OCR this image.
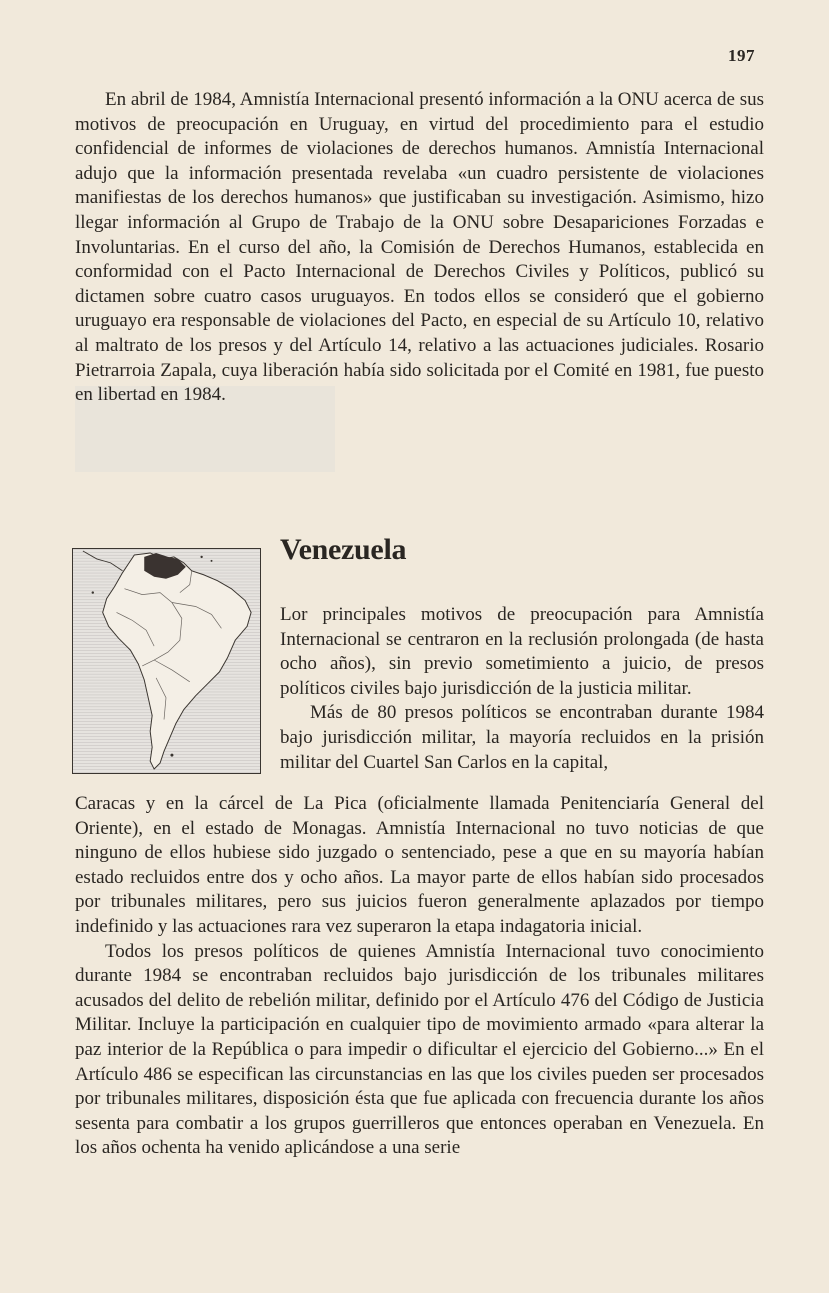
197

En abril de 1984, Amnistía Internacional presentó información a la ONU acerca de sus motivos de preocupación en Uruguay, en virtud del procedimiento para el estudio confidencial de informes de violaciones de derechos humanos. Amnistía Internacional adujo que la información presentada revelaba «un cuadro persistente de violaciones manifiestas de los derechos humanos» que justificaban su investigación. Asimismo, hizo llegar información al Grupo de Trabajo de la ONU sobre Desapariciones Forzadas e Involuntarias. En el curso del año, la Comisión de Derechos Humanos, establecida en conformidad con el Pacto Internacional de Derechos Civiles y Políticos, publicó su dictamen sobre cuatro casos uruguayos. En todos ellos se consideró que el gobierno uruguayo era responsable de violaciones del Pacto, en especial de su Artículo 10, relativo al maltrato de los presos y del Artículo 14, relativo a las actuaciones judiciales. Rosario Pietrarroia Zapala, cuya liberación había sido solicitada por el Comité en 1981, fue puesto en libertad en 1984.

Venezuela

Lor principales motivos de preocupación para Amnistía Internacional se centraron en la reclusión prolongada (de hasta ocho años), sin previo sometimiento a juicio, de presos políticos civiles bajo jurisdicción de la justicia militar.

Más de 80 presos políticos se encontraban durante 1984 bajo jurisdicción militar, la mayoría recluidos en la prisión militar del Cuartel San Carlos en la capital,

Caracas y en la cárcel de La Pica (oficialmente llamada Penitenciaría General del Oriente), en el estado de Monagas. Amnistía Internacional no tuvo noticias de que ninguno de ellos hubiese sido juzgado o sentenciado, pese a que en su mayoría habían estado recluidos entre dos y ocho años. La mayor parte de ellos habían sido procesados por tribunales militares, pero sus juicios fueron generalmente aplazados por tiempo indefinido y las actuaciones rara vez superaron la etapa indagatoria inicial.

Todos los presos políticos de quienes Amnistía Internacional tuvo conocimiento durante 1984 se encontraban recluidos bajo jurisdicción de los tribunales militares acusados del delito de rebelión militar, definido por el Artículo 476 del Código de Justicia Militar. Incluye la participación en cualquier tipo de movimiento armado «para alterar la paz interior de la República o para impedir o dificultar el ejercicio del Gobierno...» En el Artículo 486 se especifican las circunstancias en las que los civiles pueden ser procesados por tribunales militares, disposición ésta que fue aplicada con frecuencia durante los años sesenta para combatir a los grupos guerrilleros que entonces operaban en Venezuela. En los años ochenta ha venido aplicándose a una serie
